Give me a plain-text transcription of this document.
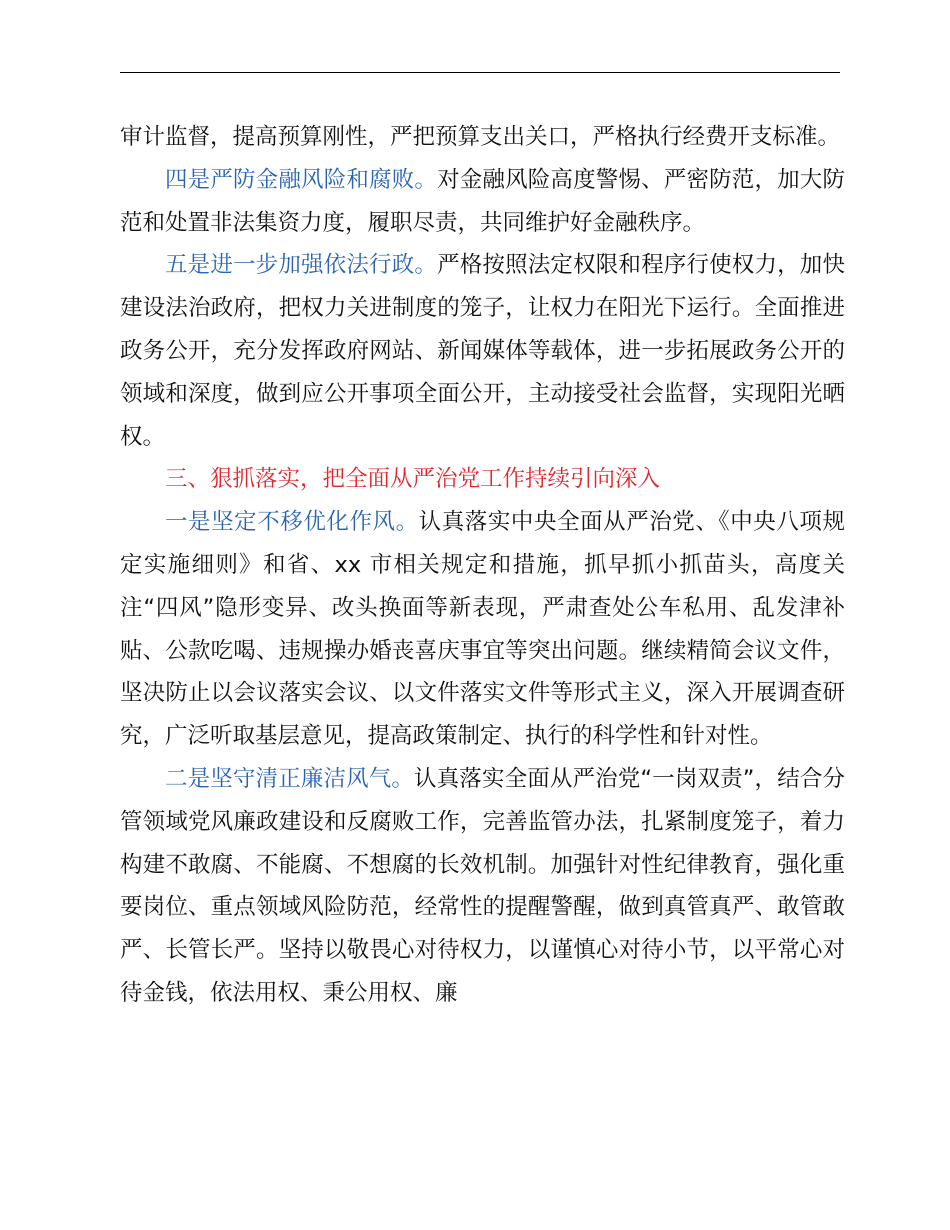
审计监督，提高预算刚性，严把预算支出关口，严格执行经费开支标准。

四是严防金融风险和腐败。对金融风险高度警惕、严密防范，加大防范和处置非法集资力度，履职尽责，共同维护好金融秩序。

五是进一步加强依法行政。严格按照法定权限和程序行使权力，加快建设法治政府，把权力关进制度的笼子，让权力在阳光下运行。全面推进政务公开，充分发挥政府网站、新闻媒体等载体，进一步拓展政务公开的领域和深度，做到应公开事项全面公开，主动接受社会监督，实现阳光晒权。

三、狠抓落实，把全面从严治党工作持续引向深入

一是坚定不移优化作风。认真落实中央全面从严治党、《中央八项规定实施细则》和省、xx 市相关规定和措施，抓早抓小抓苗头，高度关注“四风”隐形变异、改头换面等新表现，严肃查处公车私用、乱发津补贴、公款吃喝、违规操办婚丧喜庆事宜等突出问题。继续精简会议文件，坚决防止以会议落实会议、以文件落实文件等形式主义，深入开展调查研究，广泛听取基层意见，提高政策制定、执行的科学性和针对性。

二是坚守清正廉洁风气。认真落实全面从严治党“一岗双责”，结合分管领域党风廉政建设和反腐败工作，完善监管办法，扎紧制度笼子，着力构建不敢腐、不能腐、不想腐的长效机制。加强针对性纪律教育，强化重要岗位、重点领域风险防范，经常性的提醒警醒，做到真管真严、敢管敢严、长管长严。坚持以敬畏心对待权力，以谨慎心对待小节，以平常心对待金钱，依法用权、秉公用权、廉
